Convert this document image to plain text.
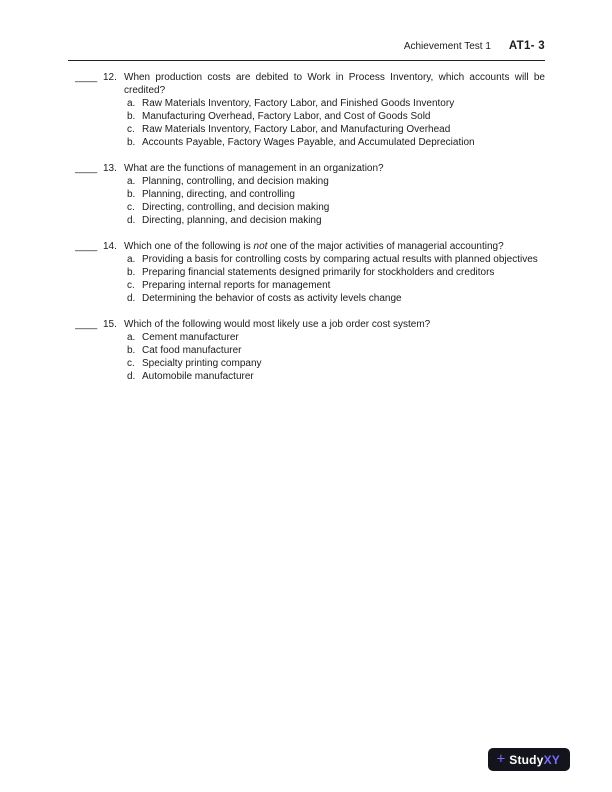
Achievement Test 1 AT1- 3
____ 12. When production costs are debited to Work in Process Inventory, which accounts will be credited?
a. Raw Materials Inventory, Factory Labor, and Finished Goods Inventory
b. Manufacturing Overhead, Factory Labor, and Cost of Goods Sold
c. Raw Materials Inventory, Factory Labor, and Manufacturing Overhead
b. Accounts Payable, Factory Wages Payable, and Accumulated Depreciation
____ 13. What are the functions of management in an organization?
a. Planning, controlling, and decision making
b. Planning, directing, and controlling
c. Directing, controlling, and decision making
d. Directing, planning, and decision making
____ 14. Which one of the following is not one of the major activities of managerial accounting?
a. Providing a basis for controlling costs by comparing actual results with planned objectives
b. Preparing financial statements designed primarily for stockholders and creditors
c. Preparing internal reports for management
d. Determining the behavior of costs as activity levels change
____ 15. Which of the following would most likely use a job order cost system?
a. Cement manufacturer
b. Cat food manufacturer
c. Specialty printing company
d. Automobile manufacturer
+ StudyXY
